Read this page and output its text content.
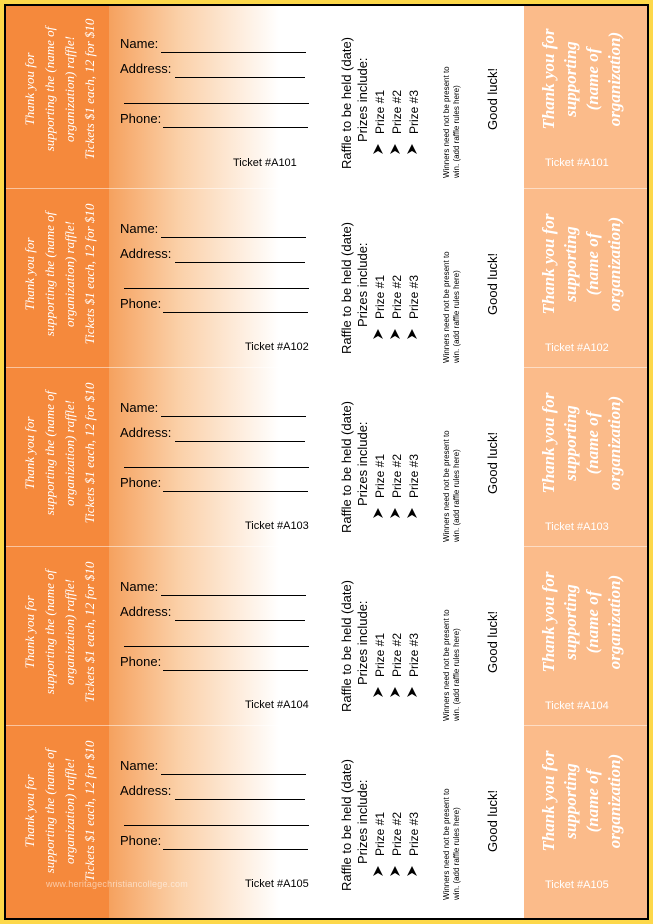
Thank you for supporting the (name of organization) raffle! Tickets $1 each, 12 for $10 Name:
Address:
Phone:
Ticket #A101	Raffle to be held (date) Prizes include: Prize #1 Prize #2 Prize #3	Winners need not be present to win. (add raffle rules here) Good luck! Thank you for supporting (name of organization)
Ticket #A101
Thank you for supporting the (name of organization) raffle! Tickets $1 each, 12 for $10 Name:
Address:
Phone:
Ticket #A102 Raffle to be held (date) Prizes include: Prize #1 Prize #2 Prize #3	Winners need not be present to win. (add raffle rules here) Good luck! Thank you for supporting (name of organization)
Ticket #A102
Thank you for supporting the (name of organization) raffle! Tickets $1 each, 12 for $10 Name:
Address:
Phone:
Ticket #A103 Raffle to be held (date) Prizes include: Prize #1 Prize #2 Prize #3	Winners need not be present to win. (add raffle rules here) Good luck! Thank you for supporting (name of organization)
Ticket #A103
Thank you for supporting the (name of organization) raffle! Tickets $1 each, 12 for $10 Name:
Address:
Phone:
Ticket #A104 Raffle to be held (date) Prizes include: Prize #1 Prize #2 Prize #3	Winners need not be present to win. (add raffle rules here) Good luck! Thank you for supporting (name of organization)
Ticket #A104
Thank you for supporting the (name of organization) raffle! Tickets $1 each, 12 for $10 Name:
Address:
Phone:
Ticket #A105 Raffle to be held (date) Prizes include: Prize #1 Prize #2 Prize #3	Winners need not be present to win. (add raffle rules here) Good luck! Thank you for supporting (name of organization)
Ticket #A105
www.heritagechristiancollege.com
